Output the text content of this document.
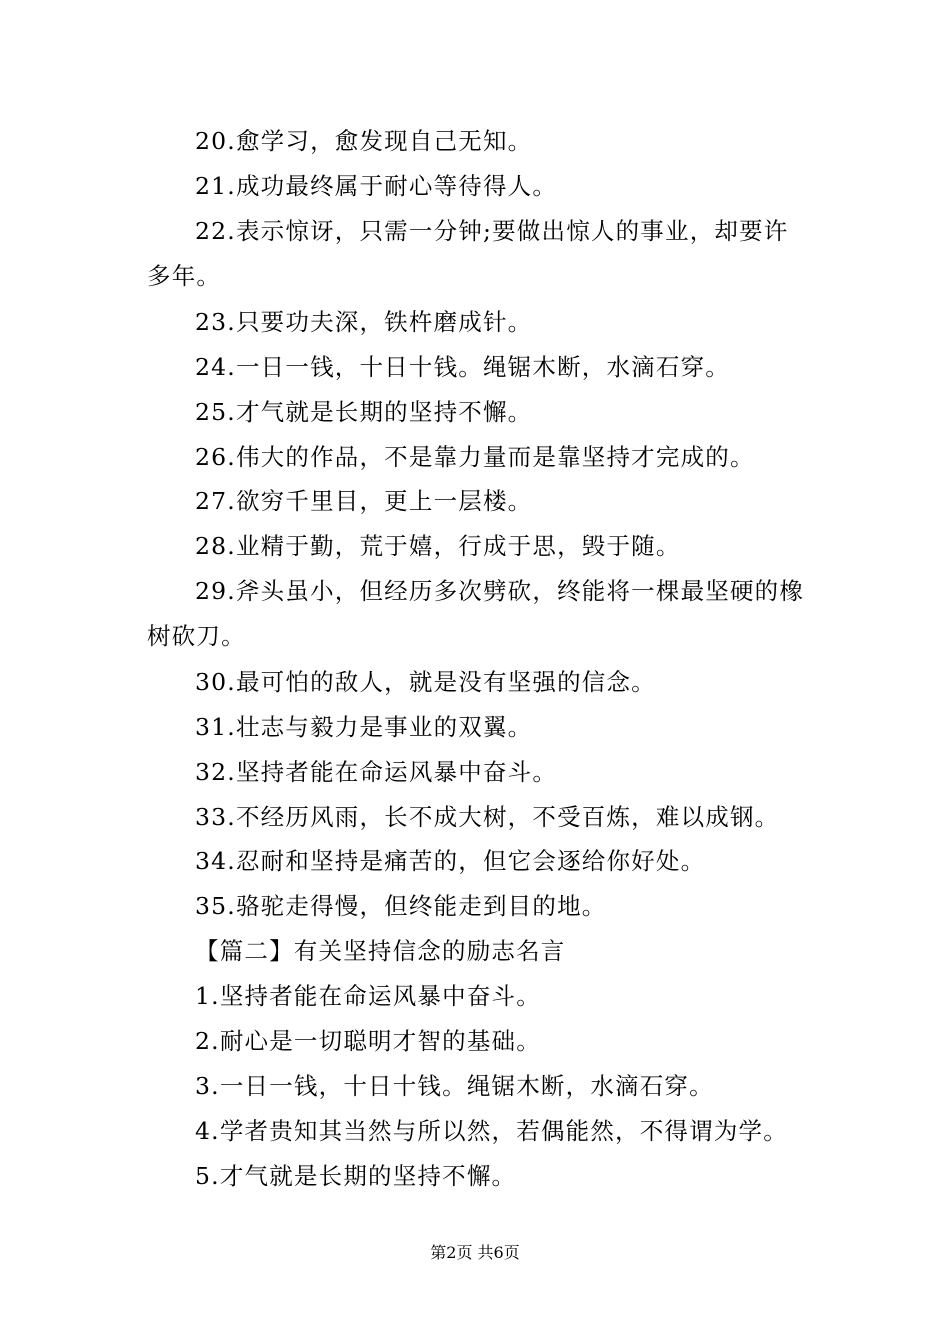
20.愈学习，愈发现自己无知。
21.成功最终属于耐心等待得人。
22.表示惊讶，只需一分钟;要做出惊人的事业，却要许多年。
23.只要功夫深，铁杵磨成针。
24.一日一钱，十日十钱。绳锯木断，水滴石穿。
25.才气就是长期的坚持不懈。
26.伟大的作品，不是靠力量而是靠坚持才完成的。
27.欲穷千里目，更上一层楼。
28.业精于勤，荒于嬉，行成于思，毁于随。
29.斧头虽小，但经历多次劈砍，终能将一棵最坚硬的橡树砍刀。
30.最可怕的敌人，就是没有坚强的信念。
31.壮志与毅力是事业的双翼。
32.坚持者能在命运风暴中奋斗。
33.不经历风雨，长不成大树，不受百炼，难以成钢。
34.忍耐和坚持是痛苦的，但它会逐给你好处。
35.骆驼走得慢，但终能走到目的地。
【篇二】有关坚持信念的励志名言
1.坚持者能在命运风暴中奋斗。
2.耐心是一切聪明才智的基础。
3.一日一钱，十日十钱。绳锯木断，水滴石穿。
4.学者贵知其当然与所以然，若偶能然，不得谓为学。
5.才气就是长期的坚持不懈。
第2页 共6页
